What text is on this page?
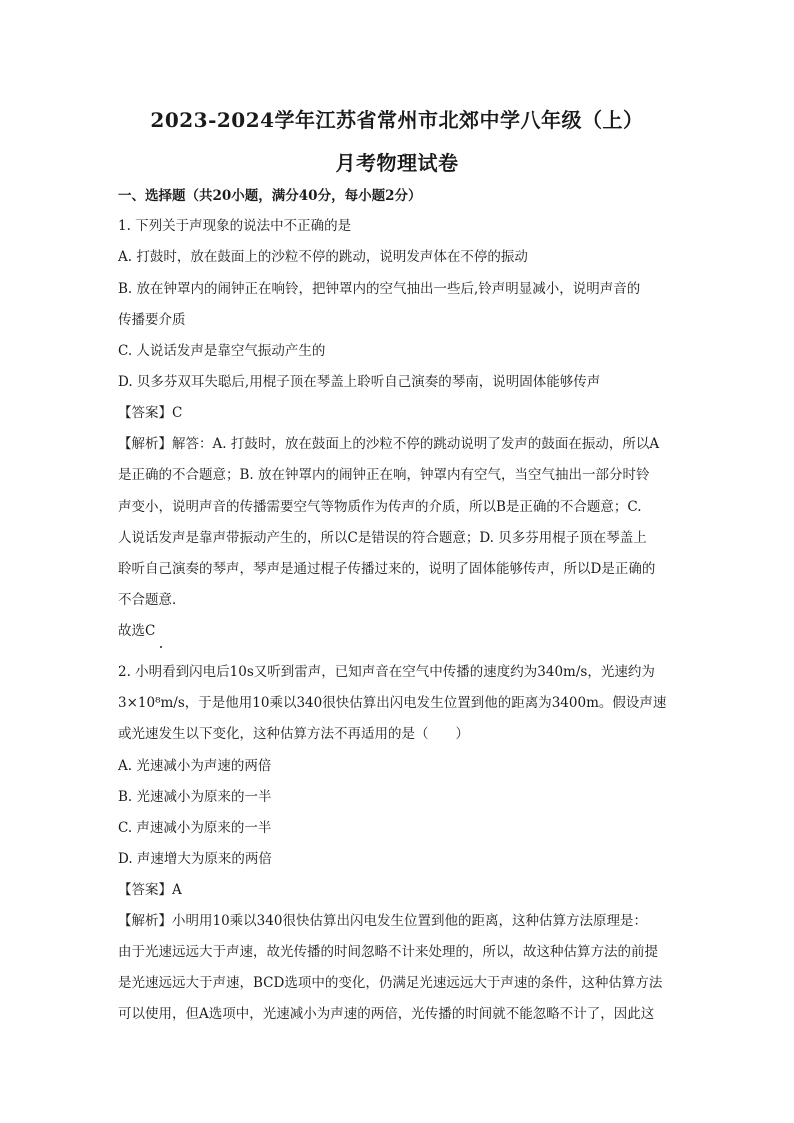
2023-2024学年江苏省常州市北郊中学八年级（上）
月考物理试卷
一、选择题（共20小题，满分40分，每小题2分）
1. 下列关于声现象的说法中不正确的是
A. 打鼓时，放在鼓面上的沙粒不停的跳动，说明发声体在不停的振动
B. 放在钟罩内的闹钟正在响铃，把钟罩内的空气抽出一些后,铃声明显减小，说明声音的
传播要介质
C. 人说话发声是靠空气振动产生的
D. 贝多芬双耳失聪后,用棍子顶在琴盖上聆听自己演奏的琴南，说明固体能够传声
【答案】C
【解析】解答：A. 打鼓时，放在鼓面上的沙粒不停的跳动说明了发声的鼓面在振动，所以A
是正确的不合题意；B. 放在钟罩内的闹钟正在响，钟罩内有空气，当空气抽出一部分时铃
声变小，说明声音的传播需要空气等物质作为传声的介质，所以B是正确的不合题意；C.
人说话发声是靠声带振动产生的，所以C是错误的符合题意；D. 贝多芬用棍子顶在琴盖上
聆听自己演奏的琴声，琴声是通过棍子传播过来的，说明了固体能够传声，所以D是正确的
不合题意．
故选C
2. 小明看到闪电后10s又听到雷声，已知声音在空气中传播的速度约为340m/s，光速约为
3×10⁸m/s，于是他用10乘以340很快估算出闪电发生位置到他的距离为3400m。假设声速
或光速发生以下变化，这种估算方法不再适用的是（　　）
A. 光速减小为声速的两倍
B. 光速减小为原来的一半
C. 声速减小为原来的一半
D. 声速增大为原来的两倍
【答案】A
【解析】小明用10乘以340很快估算出闪电发生位置到他的距离，这种估算方法原理是：
由于光速远远大于声速，故光传播的时间忽略不计来处理的，所以，故这种估算方法的前提
是光速远远大于声速，BCD选项中的变化，仍满足光速远远大于声速的条件，这种估算方法
可以使用，但A选项中，光速减小为声速的两倍，光传播的时间就不能忽略不计了，因此这
